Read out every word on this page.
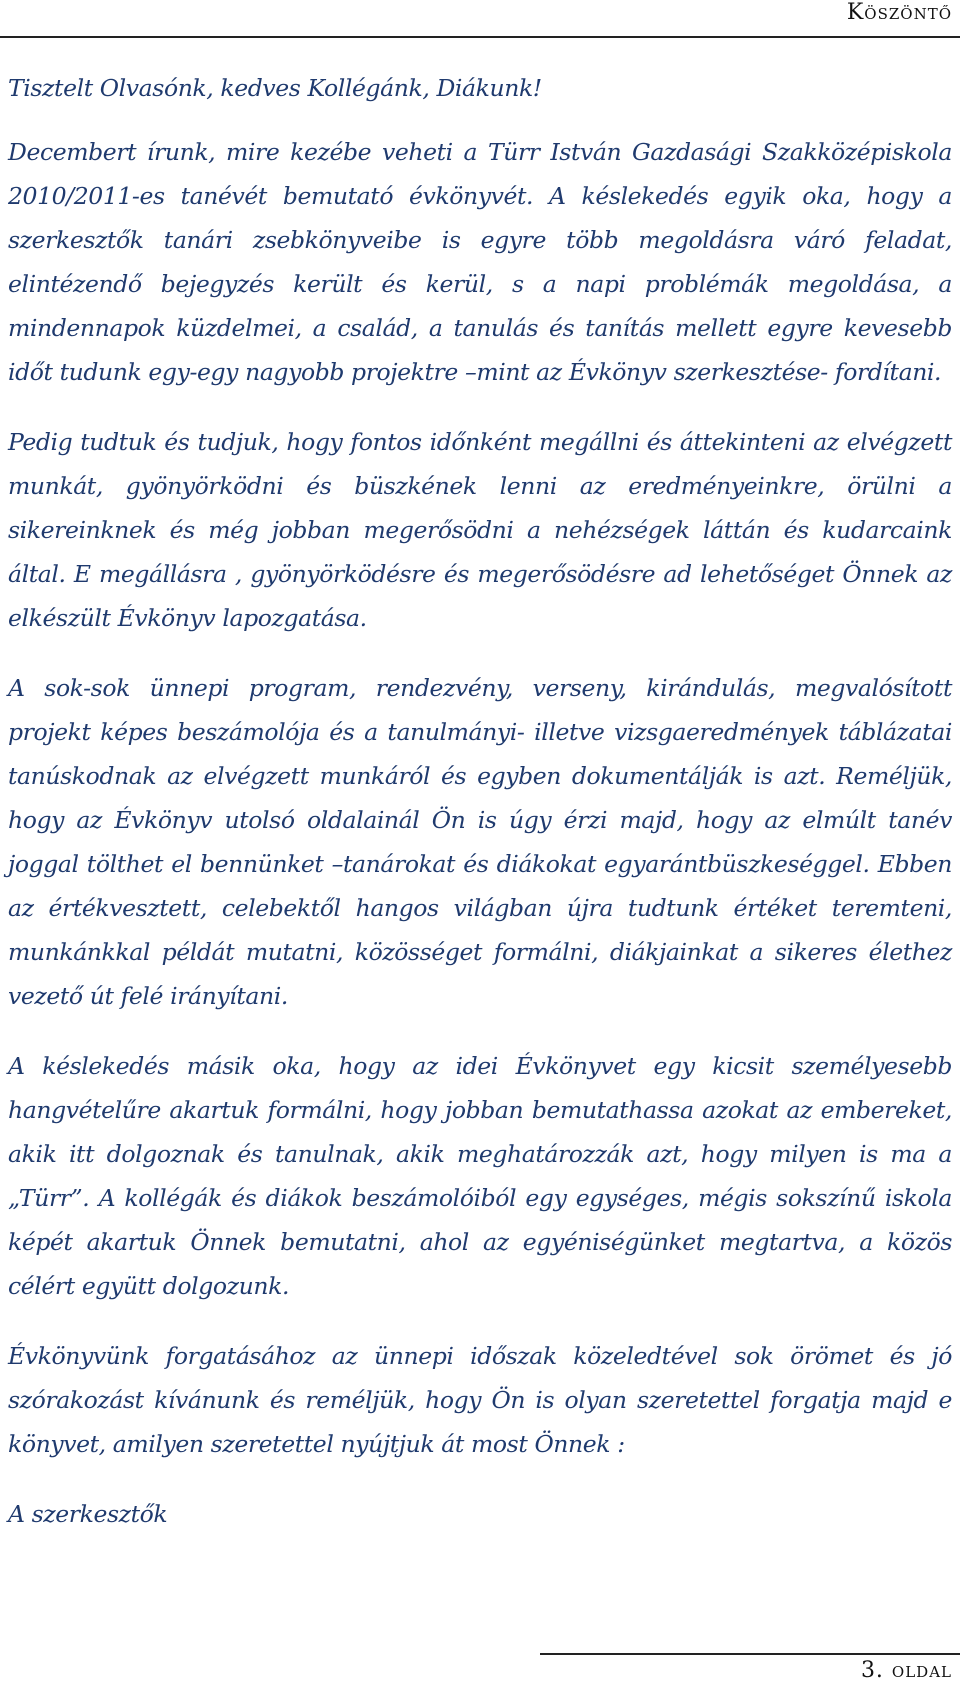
Köszöntő

Tisztelt Olvasónk, kedves Kollégánk, Diákunk!

Decembert írunk, mire kezébe veheti a Türr István Gazdasági Szakközépiskola 2010/2011-es tanévét bemutató évkönyvét. A késlekedés egyik oka, hogy a szerkesztők tanári zsebkönyveibe is egyre több megoldásra váró feladat, elintézendő bejegyzés került és kerül, s a napi problémák megoldása, a mindennapok küzdelmei, a család, a tanulás és tanítás mellett egyre kevesebb időt tudunk egy-egy nagyobb projektre –mint az Évkönyv szerkesztése- fordítani.

Pedig tudtuk és tudjuk, hogy fontos időnként megállni és áttekinteni az elvégzett munkát, gyönyörködni és büszkének lenni az eredményeinkre, örülni a sikereinknek és még jobban megerősödni a nehézségek láttán és kudarcaink által. E megállásra , gyönyörködésre és megerősödésre ad lehetőséget Önnek az elkészült Évkönyv lapozgatása.

A sok-sok ünnepi program, rendezvény, verseny, kirándulás, megvalósított projekt képes beszámolója és a tanulmányi- illetve vizsgaeredmények táblázatai tanúskodnak az elvégzett munkáról és egyben dokumentálják is azt. Reméljük, hogy az Évkönyv utolsó oldalainál Ön is úgy érzi majd, hogy az elmúlt tanév joggal tölthet el bennünket –tanárokat és diákokat egyarántbüszkeséggel. Ebben az értékvesztett, celebektől hangos világban újra tudtunk értéket teremteni, munkánkkal példát mutatni, közösséget formálni, diákjainkat a sikeres élethez vezető út felé irányítani.

A késlekedés másik oka, hogy az idei Évkönyvet egy kicsit személyesebb hangvételűre akartuk formálni, hogy jobban bemutathassa azokat az embereket, akik itt dolgoznak és tanulnak, akik meghatározzák azt, hogy milyen is ma a „Türr”. A kollégák és diákok beszámolóiból egy egységes, mégis sokszínű iskola képét akartuk Önnek bemutatni, ahol az egyéniségünket megtartva, a közös célért együtt dolgozunk.

Évkönyvünk forgatásához az ünnepi időszak közeledtével sok örömet és jó szórakozást kívánunk és reméljük, hogy Ön is olyan szeretettel forgatja majd e könyvet, amilyen szeretettel nyújtjuk át most Önnek :

A szerkesztők

3. oldal
